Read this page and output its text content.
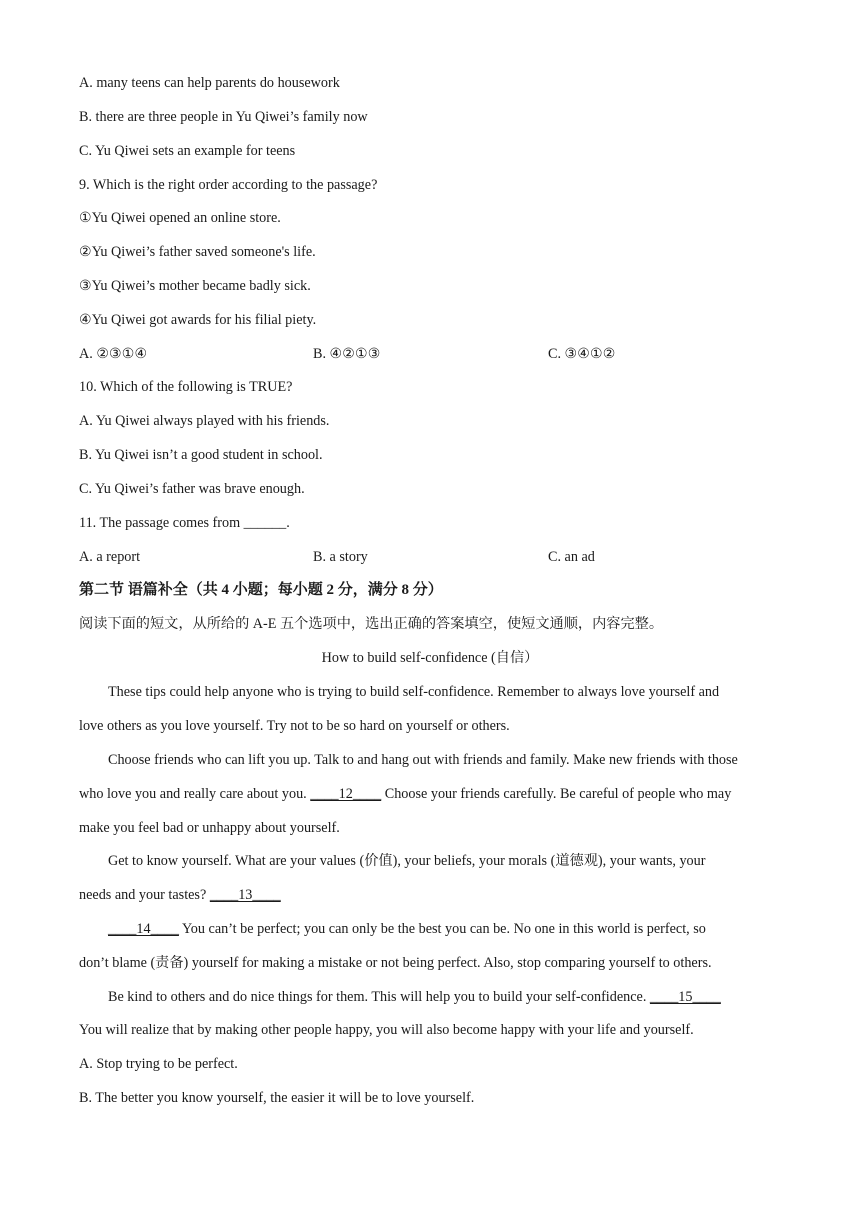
A. many teens can help parents do housework
B. there are three people in Yu Qiwei’s family now
C. Yu Qiwei sets an example for teens
9. Which is the right order according to the passage?
①Yu Qiwei opened an online store.
②Yu Qiwei’s father saved someone's life.
③Yu Qiwei’s mother became badly sick.
④Yu Qiwei got awards for his filial piety.
A. ②③①④	B. ④②①③	C. ③④①②
10. Which of the following is TRUE?
A. Yu Qiwei always played with his friends.
B. Yu Qiwei isn’t a good student in school.
C. Yu Qiwei’s father was brave enough.
11. The passage comes from ______.
A. a report	B. a story	C. an ad
第二节 语篇补全（共 4 小题；每小题 2 分，满分 8 分）
阅读下面的短文，从所给的 A-E 五个选项中，选出正确的答案填空，使短文通顺，内容完整。
How to build self-confidence (自信）
These tips could help anyone who is trying to build self-confidence. Remember to always love yourself and
love others as you love yourself. Try not to be so hard on yourself or others.
Choose friends who can lift you up. Talk to and hang out with friends and family. Make new friends with those
who love you and really care about you. ____12____ Choose your friends carefully. Be careful of people who may
make you feel bad or unhappy about yourself.
Get to know yourself. What are your values (价值), your beliefs, your morals (道德观), your wants, your
needs and your tastes? ____13____
____14____ You can’t be perfect; you can only be the best you can be. No one in this world is perfect, so
don’t blame (责备) yourself for making a mistake or not being perfect. Also, stop comparing yourself to others.
Be kind to others and do nice things for them. This will help you to build your self-confidence. ____15____
You will realize that by making other people happy, you will also become happy with your life and yourself.
A. Stop trying to be perfect.
B. The better you know yourself, the easier it will be to love yourself.
